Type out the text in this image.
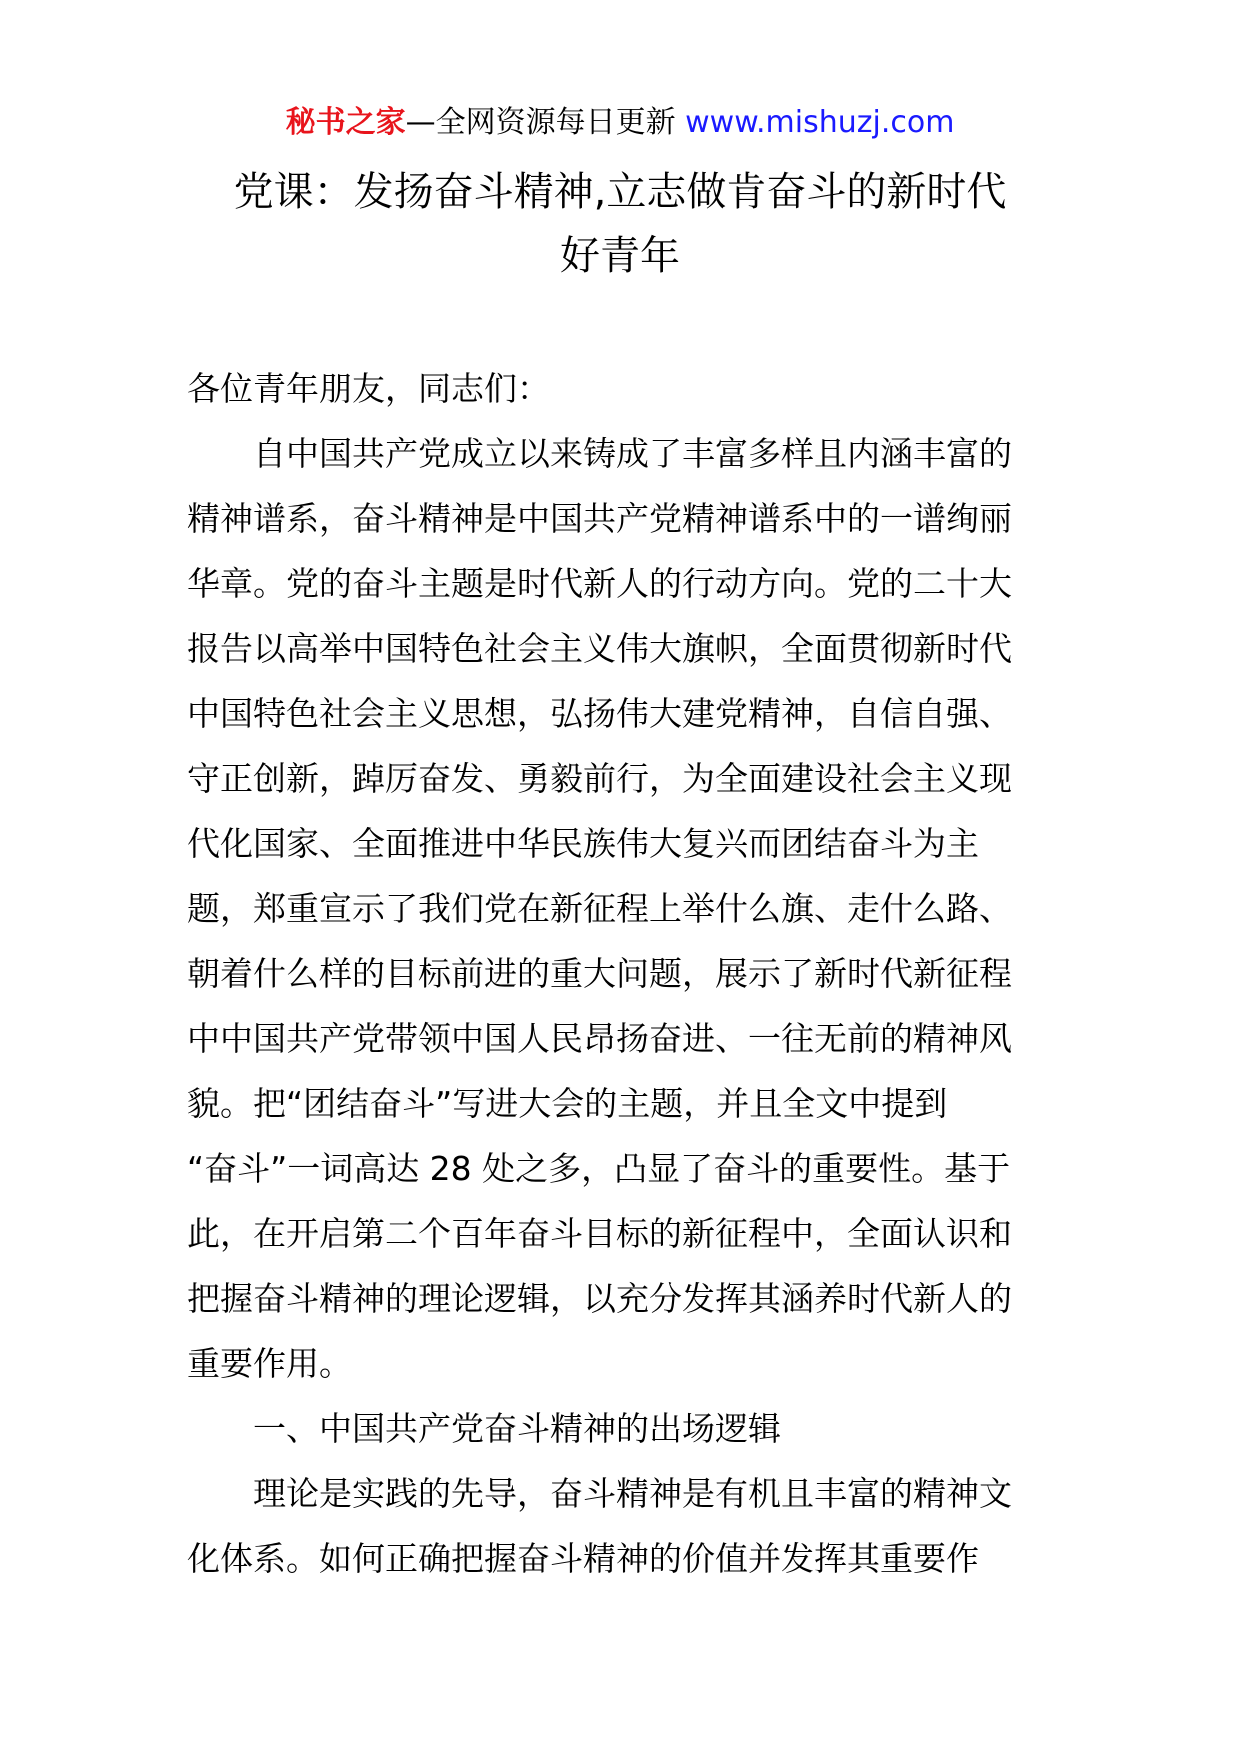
秘书之家—全网资源每日更新 www.mishuzj.com
党课：发扬奋斗精神,立志做肯奋斗的新时代
好青年
各位青年朋友，同志们：

自中国共产党成立以来铸成了丰富多样且内涵丰富的
精神谱系，奋斗精神是中国共产党精神谱系中的一谱绚丽
华章。党的奋斗主题是时代新人的行动方向。党的二十大
报告以高举中国特色社会主义伟大旗帜，全面贯彻新时代
中国特色社会主义思想，弘扬伟大建党精神，自信自强、
守正创新，踔厉奋发、勇毅前行，为全面建设社会主义现
代化国家、全面推进中华民族伟大复兴而团结奋斗为主
题，郑重宣示了我们党在新征程上举什么旗、走什么路、
朝着什么样的目标前进的重大问题，展示了新时代新征程
中中国共产党带领中国人民昂扬奋进、一往无前的精神风
貌。把“团结奋斗”写进大会的主题，并且全文中提到
“奋斗”一词高达 28 处之多，凸显了奋斗的重要性。基于
此，在开启第二个百年奋斗目标的新征程中，全面认识和
把握奋斗精神的理论逻辑，以充分发挥其涵养时代新人的
重要作用。

一、中国共产党奋斗精神的出场逻辑

理论是实践的先导，奋斗精神是有机且丰富的精神文
化体系。如何正确把握奋斗精神的价值并发挥其重要作
